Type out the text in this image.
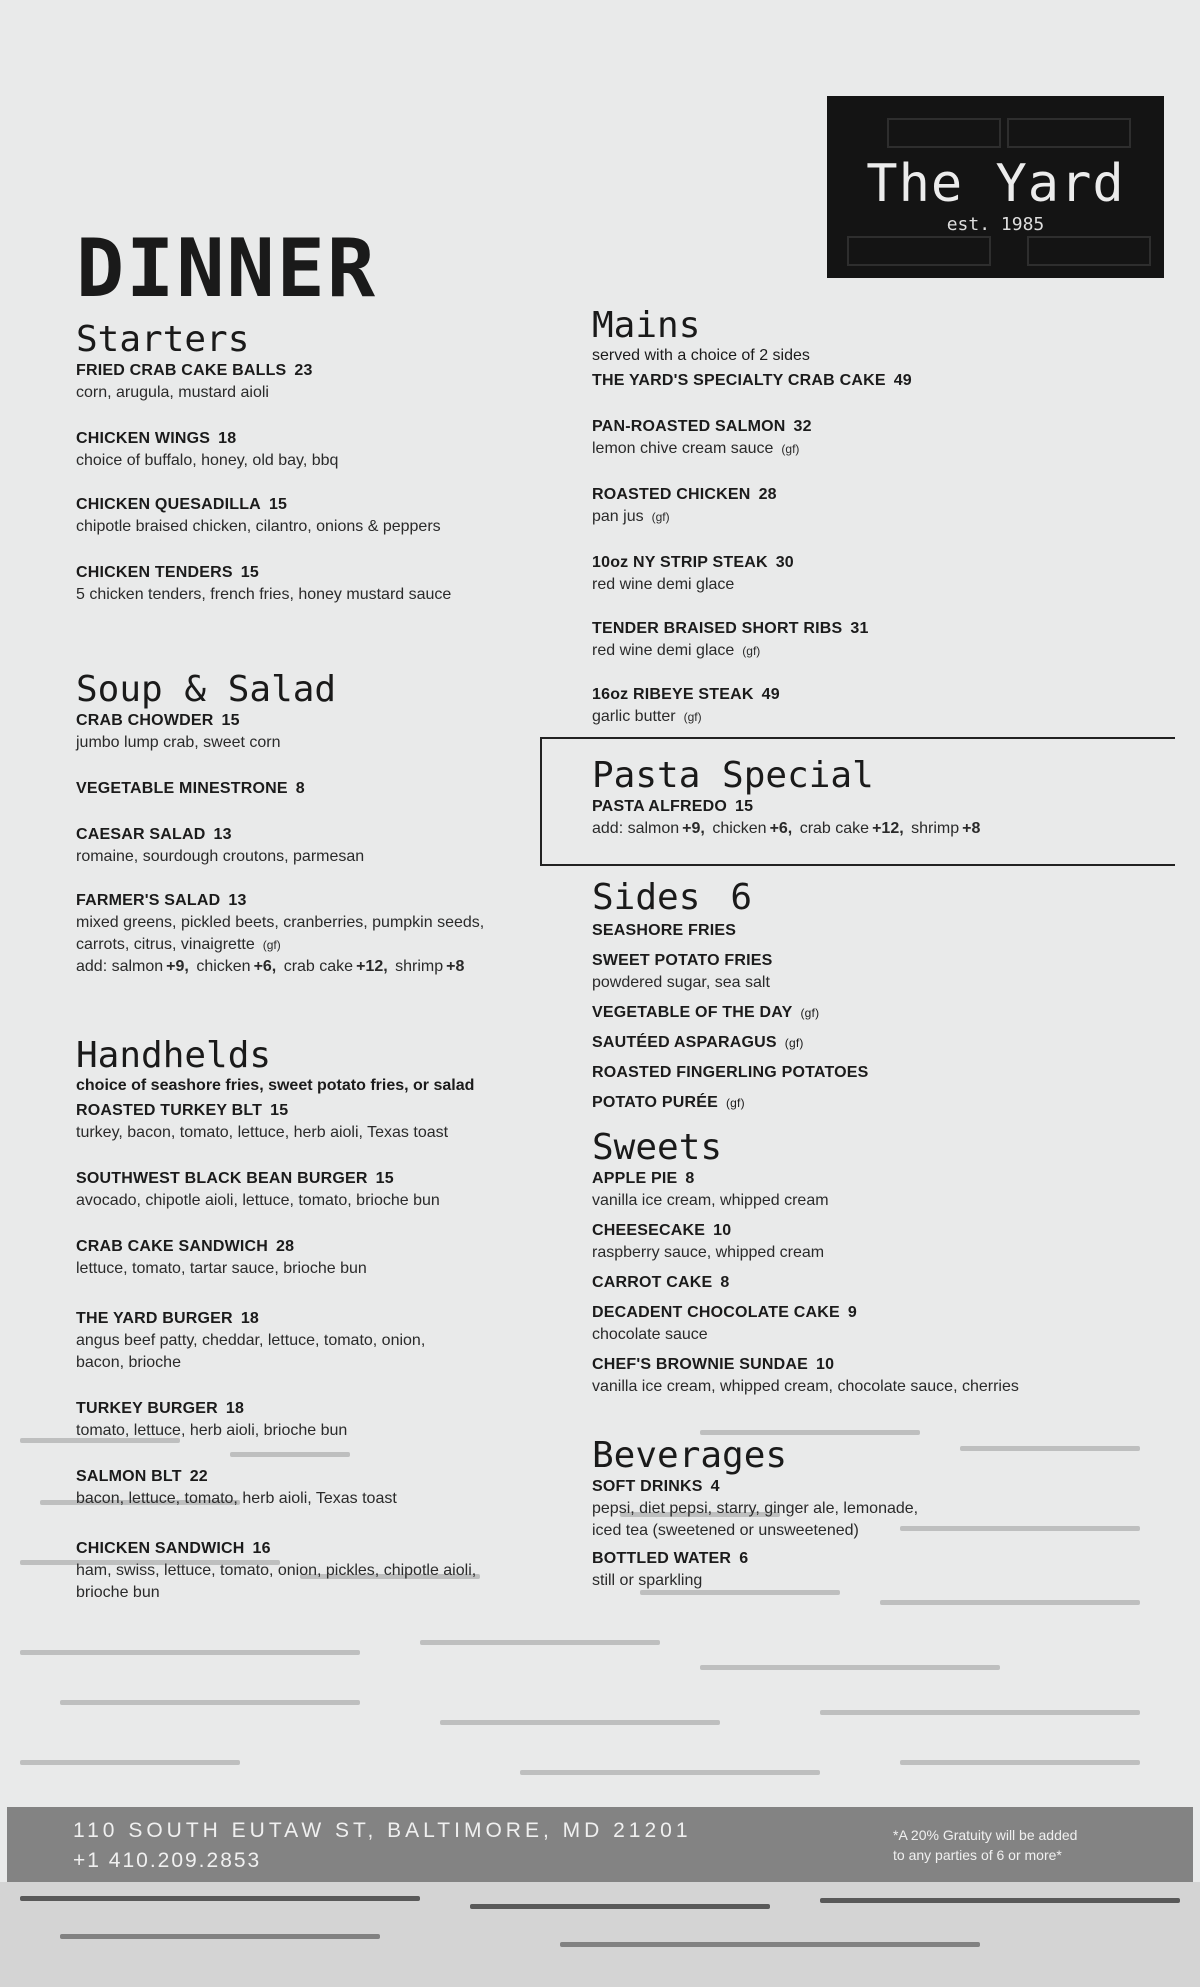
The Yard
est. 1985
DINNER
Starters
FRIED CRAB CAKE BALLS 23
corn, arugula, mustard aioli
CHICKEN WINGS 18
choice of buffalo, honey, old bay, bbq
CHICKEN QUESADILLA 15
chipotle braised chicken, cilantro, onions & peppers
CHICKEN TENDERS 15
5 chicken tenders, french fries, honey mustard sauce
Soup & Salad
CRAB CHOWDER 15
jumbo lump crab, sweet corn
VEGETABLE MINESTRONE 8
CAESAR SALAD 13
romaine, sourdough croutons, parmesan
FARMER'S SALAD 13
mixed greens, pickled beets, cranberries, pumpkin seeds,
carrots, citrus, vinaigrette (gf)
add: salmon +9, chicken +6, crab cake +12, shrimp +8
Handhelds
choice of seashore fries, sweet potato fries, or salad
ROASTED TURKEY BLT 15
turkey, bacon, tomato, lettuce, herb aioli, Texas toast
SOUTHWEST BLACK BEAN BURGER 15
avocado, chipotle aioli, lettuce, tomato, brioche bun
CRAB CAKE SANDWICH 28
lettuce, tomato, tartar sauce, brioche bun
THE YARD BURGER 18
angus beef patty, cheddar, lettuce, tomato, onion,
bacon, brioche
TURKEY BURGER 18
tomato, lettuce, herb aioli, brioche bun
SALMON BLT 22
bacon, lettuce, tomato, herb aioli, Texas toast
CHICKEN SANDWICH 16
ham, swiss, lettuce, tomato, onion, pickles, chipotle aioli,
brioche bun
Mains
served with a choice of 2 sides
THE YARD'S SPECIALTY CRAB CAKE 49
PAN-ROASTED SALMON 32
lemon chive cream sauce (gf)
ROASTED CHICKEN 28
pan jus (gf)
10oz NY STRIP STEAK 30
red wine demi glace
TENDER BRAISED SHORT RIBS 31
red wine demi glace (gf)
16oz RIBEYE STEAK 49
garlic butter (gf)
Pasta Special
PASTA ALFREDO 15
add: salmon +9, chicken +6, crab cake +12, shrimp +8
Sides 6
SEASHORE FRIES
SWEET POTATO FRIES
powdered sugar, sea salt
VEGETABLE OF THE DAY (gf)
SAUTÉED ASPARAGUS (gf)
ROASTED FINGERLING POTATOES
POTATO PURÉE (gf)
Sweets
APPLE PIE 8
vanilla ice cream, whipped cream
CHEESECAKE 10
raspberry sauce, whipped cream
CARROT CAKE 8
DECADENT CHOCOLATE CAKE 9
chocolate sauce
CHEF'S BROWNIE SUNDAE 10
vanilla ice cream, whipped cream, chocolate sauce, cherries
Beverages
SOFT DRINKS 4
pepsi, diet pepsi, starry, ginger ale, lemonade,
iced tea (sweetened or unsweetened)
BOTTLED WATER 6
still or sparkling
110 SOUTH EUTAW ST, BALTIMORE, MD 21201
+1 410.209.2853
*A 20% Gratuity will be added
to any parties of 6 or more*
